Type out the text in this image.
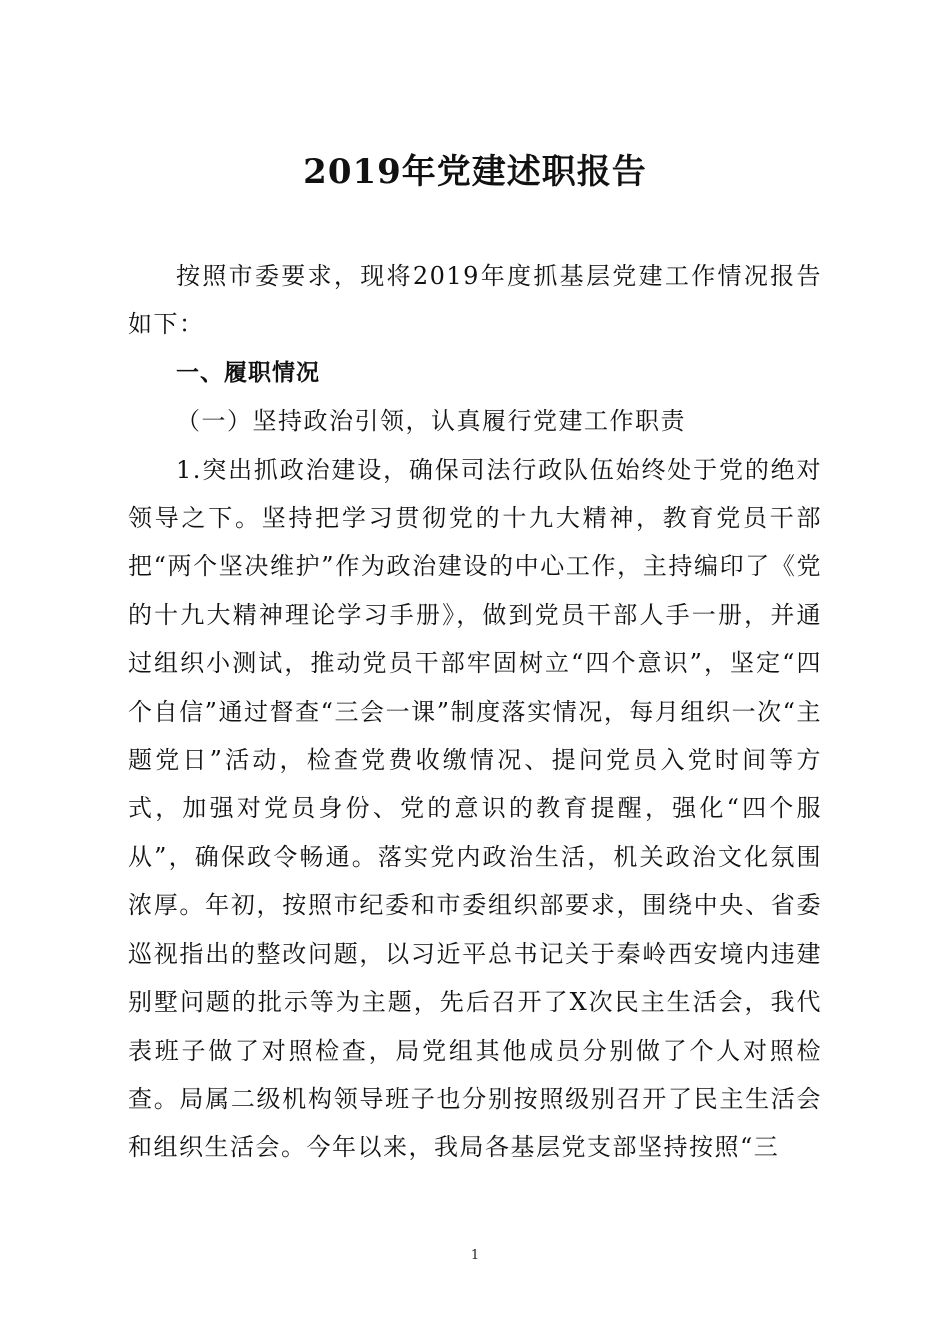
2019年党建述职报告

按照市委要求，现将2019年度抓基层党建工作情况报告如下：

一、履职情况

（一）坚持政治引领，认真履行党建工作职责

1.突出抓政治建设，确保司法行政队伍始终处于党的绝对领导之下。坚持把学习贯彻党的十九大精神，教育党员干部把“两个坚决维护”作为政治建设的中心工作，主持编印了《党的十九大精神理论学习手册》，做到党员干部人手一册，并通过组织小测试，推动党员干部牢固树立“四个意识”，坚定“四个自信”通过督查“三会一课”制度落实情况，每月组织一次“主题党日”活动，检查党费收缴情况、提问党员入党时间等方式，加强对党员身份、党的意识的教育提醒，强化“四个服从”，确保政令畅通。落实党内政治生活，机关政治文化氛围浓厚。年初，按照市纪委和市委组织部要求，围绕中央、省委巡视指出的整改问题，以习近平总书记关于秦岭西安境内违建别墅问题的批示等为主题，先后召开了X次民主生活会，我代表班子做了对照检查，局党组其他成员分别做了个人对照检查。局属二级机构领导班子也分别按照级别召开了民主生活会和组织生活会。今年以来，我局各基层党支部坚持按照“三

1
